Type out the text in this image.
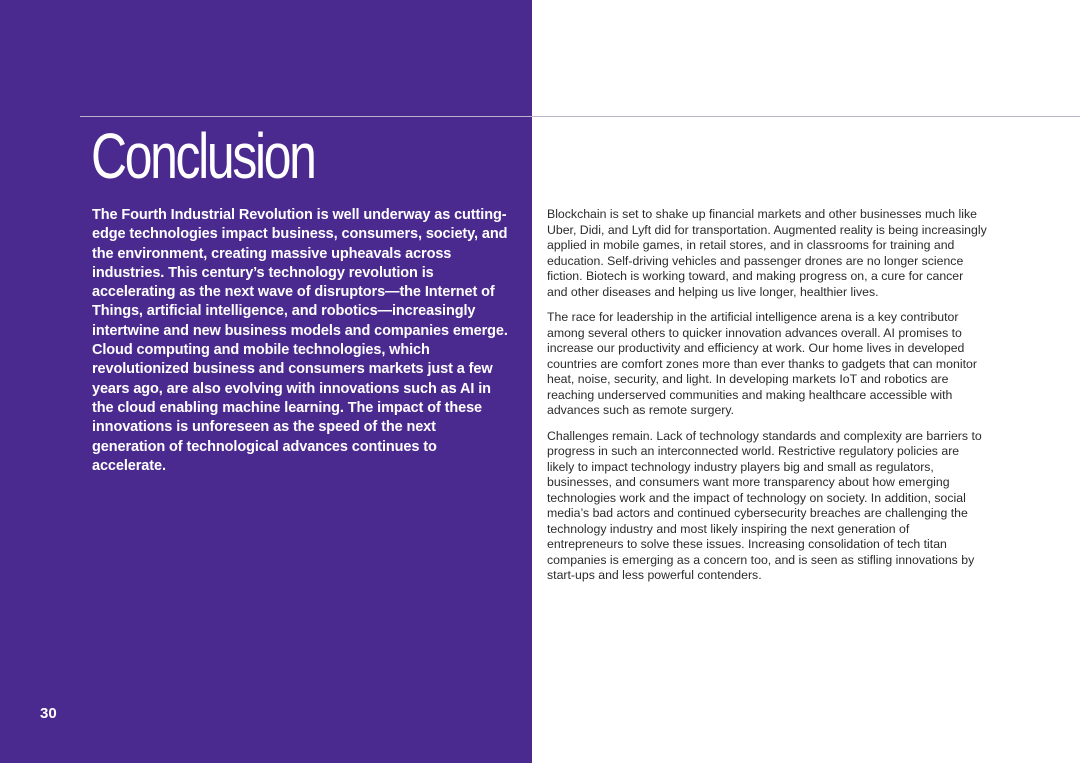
Conclusion
The Fourth Industrial Revolution is well underway as cutting-edge technologies impact business, consumers, society, and the environment, creating massive upheavals across industries. This century’s technology revolution is accelerating as the next wave of disruptors—the Internet of Things, artificial intelligence, and robotics—increasingly intertwine and new business models and companies emerge. Cloud computing and mobile technologies, which revolutionized business and consumers markets just a few years ago, are also evolving with innovations such as AI in the cloud enabling machine learning. The impact of these innovations is unforeseen as the speed of the next generation of technological advances continues to accelerate.
30

Blockchain is set to shake up financial markets and other businesses much like Uber, Didi, and Lyft did for transportation. Augmented reality is being increasingly applied in mobile games, in retail stores, and in classrooms for training and education. Self-driving vehicles and passenger drones are no longer science fiction. Biotech is working toward, and making progress on, a cure for cancer and other diseases and helping us live longer, healthier lives.

The race for leadership in the artificial intelligence arena is a key contributor among several others to quicker innovation advances overall. AI promises to increase our productivity and efficiency at work. Our home lives in developed countries are comfort zones more than ever thanks to gadgets that can monitor heat, noise, security, and light. In developing markets IoT and robotics are reaching underserved communities and making healthcare accessible with advances such as remote surgery.

Challenges remain. Lack of technology standards and complexity are barriers to progress in such an interconnected world. Restrictive regulatory policies are likely to impact technology industry players big and small as regulators, businesses, and consumers want more transparency about how emerging technologies work and the impact of technology on society. In addition, social media’s bad actors and continued cybersecurity breaches are challenging the technology industry and most likely inspiring the next generation of entrepreneurs to solve these issues. Increasing consolidation of tech titan companies is emerging as a concern too, and is seen as stifling innovations by start-ups and less powerful contenders.
